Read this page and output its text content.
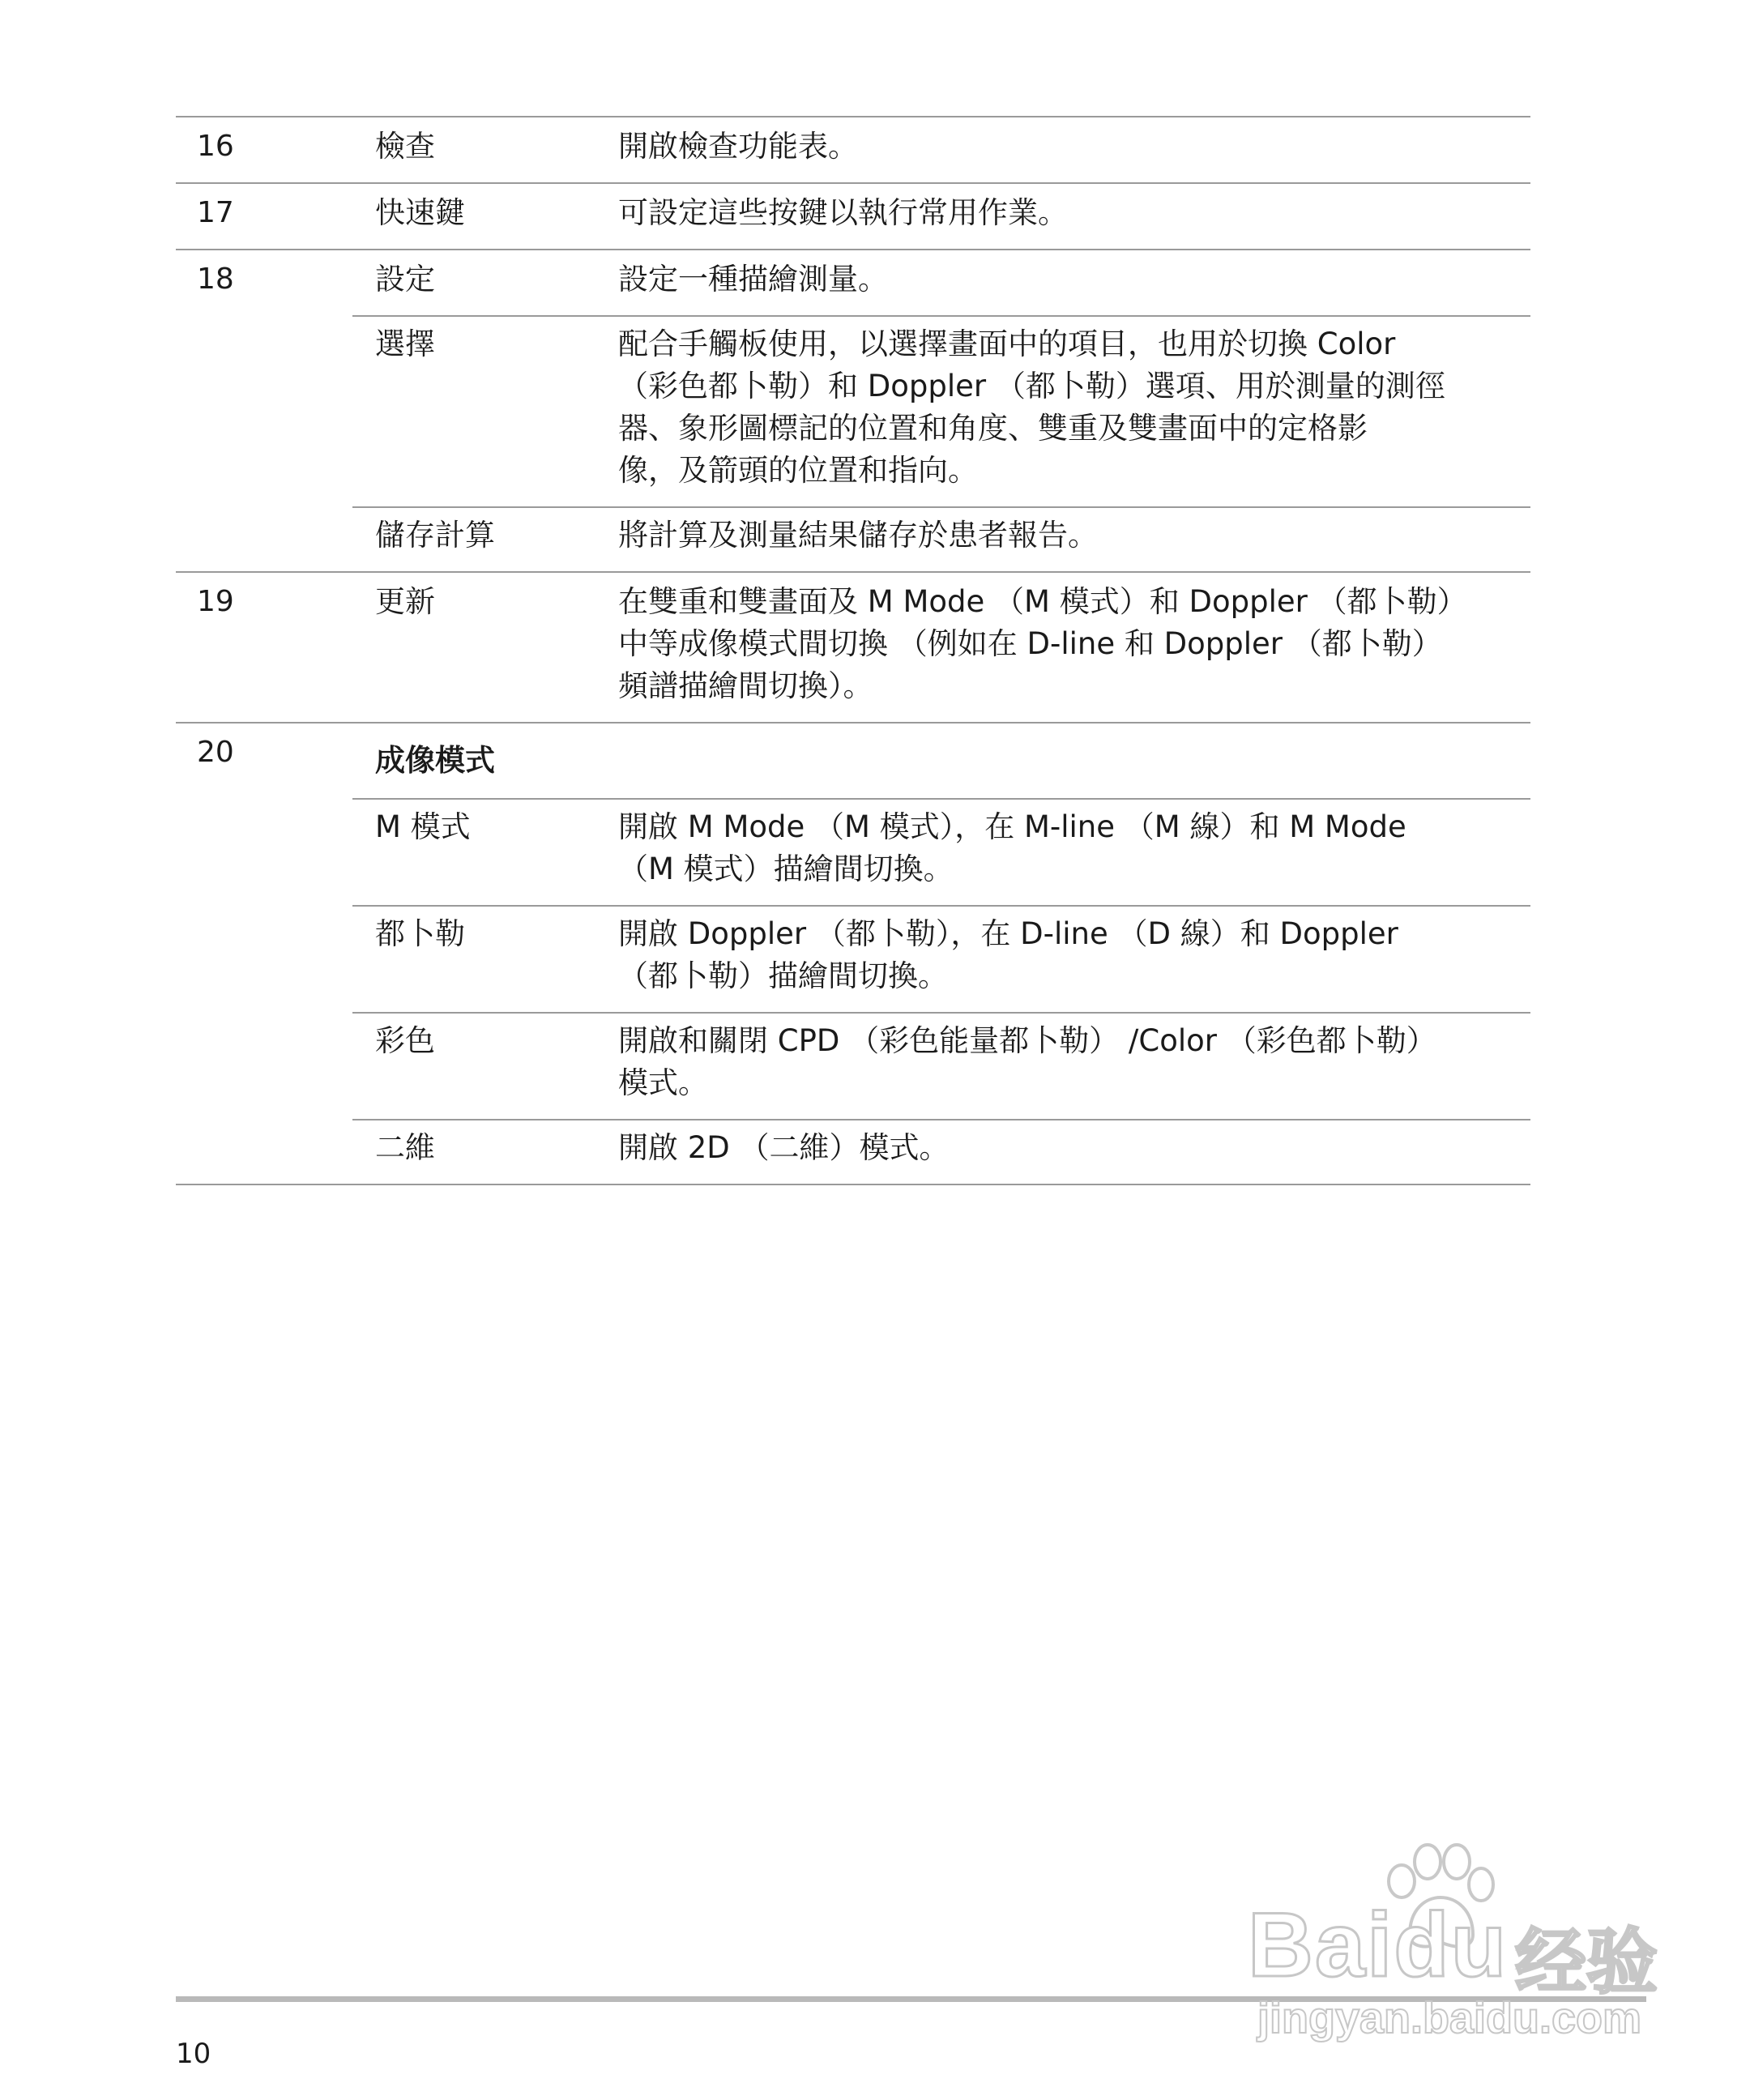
16	檢查	開啟檢查功能表。
17	快速鍵	可設定這些按鍵以執行常用作業。
18	設定	設定一種描繪測量。
選擇	配合手觸板使用，以選擇畫面中的項目，也用於切換 Color
（彩色都卜勒）和 Doppler （都卜勒）選項、用於測量的測徑
器、象形圖標記的位置和角度、雙重及雙畫面中的定格影
像，及箭頭的位置和指向。
儲存計算	將計算及測量結果儲存於患者報告。
19	更新	在雙重和雙畫面及 M Mode （M 模式）和 Doppler （都卜勒）
中等成像模式間切換 （例如在 D-line 和 Doppler （都卜勒）
頻譜描繪間切換）。
20	成像模式
M 模式	開啟 M Mode （M 模式），在 M-line （M 線）和 M Mode
（M 模式）描繪間切換。
都卜勒	開啟 Doppler （都卜勒），在 D-line （D 線）和 Doppler
（都卜勒）描繪間切換。
彩色	開啟和關閉 CPD （彩色能量都卜勒） /Color （彩色都卜勒）
模式。
二維	開啟 2D （二維）模式。
10
Baidu 经验
jingyan.baidu.com
